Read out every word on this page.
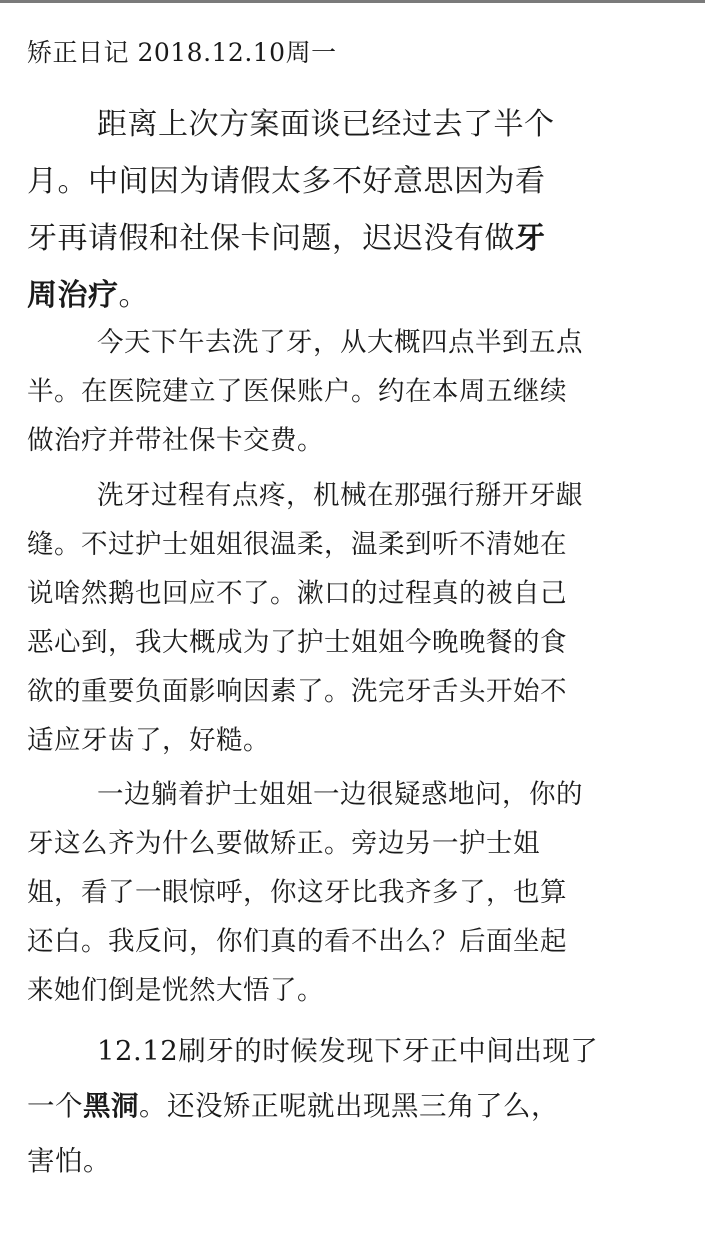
矫正日记 2018.12.10周一
距离上次方案面谈已经过去了半个
月。中间因为请假太多不好意思因为看
牙再请假和社保卡问题，迟迟没有做牙
周治疗。
今天下午去洗了牙，从大概四点半到五点
半。在医院建立了医保账户。约在本周五继续
做治疗并带社保卡交费。
洗牙过程有点疼，机械在那强行掰开牙龈
缝。不过护士姐姐很温柔，温柔到听不清她在
说啥然鹅也回应不了。漱口的过程真的被自己
恶心到，我大概成为了护士姐姐今晚晚餐的食
欲的重要负面影响因素了。洗完牙舌头开始不
适应牙齿了，好糙。
一边躺着护士姐姐一边很疑惑地问，你的
牙这么齐为什么要做矫正。旁边另一护士姐
姐，看了一眼惊呼，你这牙比我齐多了，也算
还白。我反问，你们真的看不出么？后面坐起
来她们倒是恍然大悟了。
12.12刷牙的时候发现下牙正中间出现了
一个黑洞。还没矫正呢就出现黑三角了么，
害怕。
